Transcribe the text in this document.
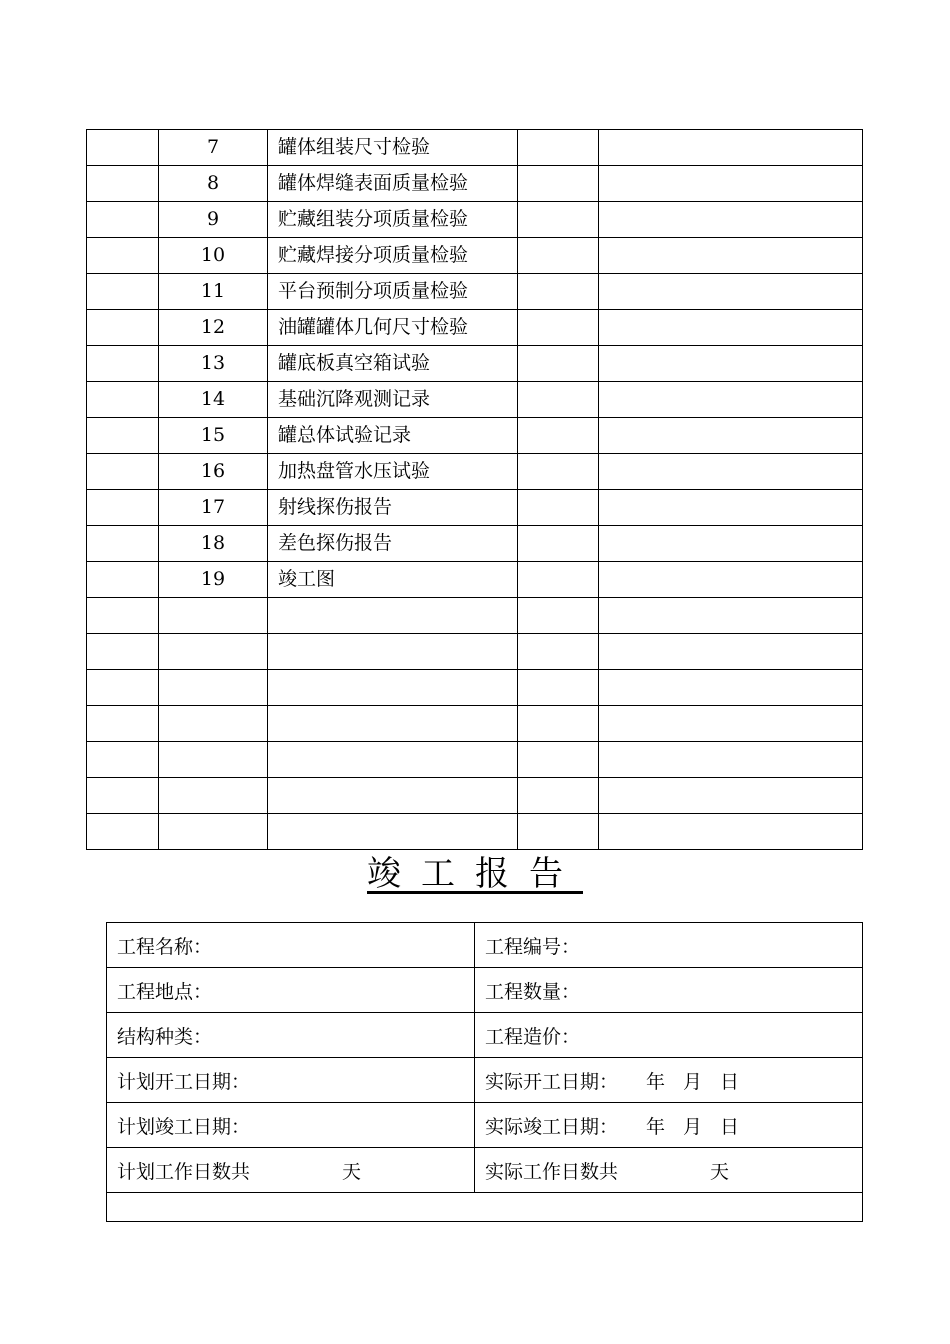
	7	罐体组装尺寸检验		
	8	罐体焊缝表面质量检验		
	9	贮藏组装分项质量检验		
	10	贮藏焊接分项质量检验		
	11	平台预制分项质量检验		
	12	油罐罐体几何尺寸检验		
	13	罐底板真空箱试验		
	14	基础沉降观测记录		
	15	罐总体试验记录		
	16	加热盘管水压试验		
	17	射线探伤报告		
	18	差色探伤报告		
	19	竣工图		

竣工报告
工程名称：	工程编号：
工程地点：	工程数量：
结构种类：	工程造价：
计划开工日期：	实际开工日期： 年 月 日
计划竣工日期：	实际竣工日期： 年 月 日
计划工作日数共 天	实际工作日数共 天
